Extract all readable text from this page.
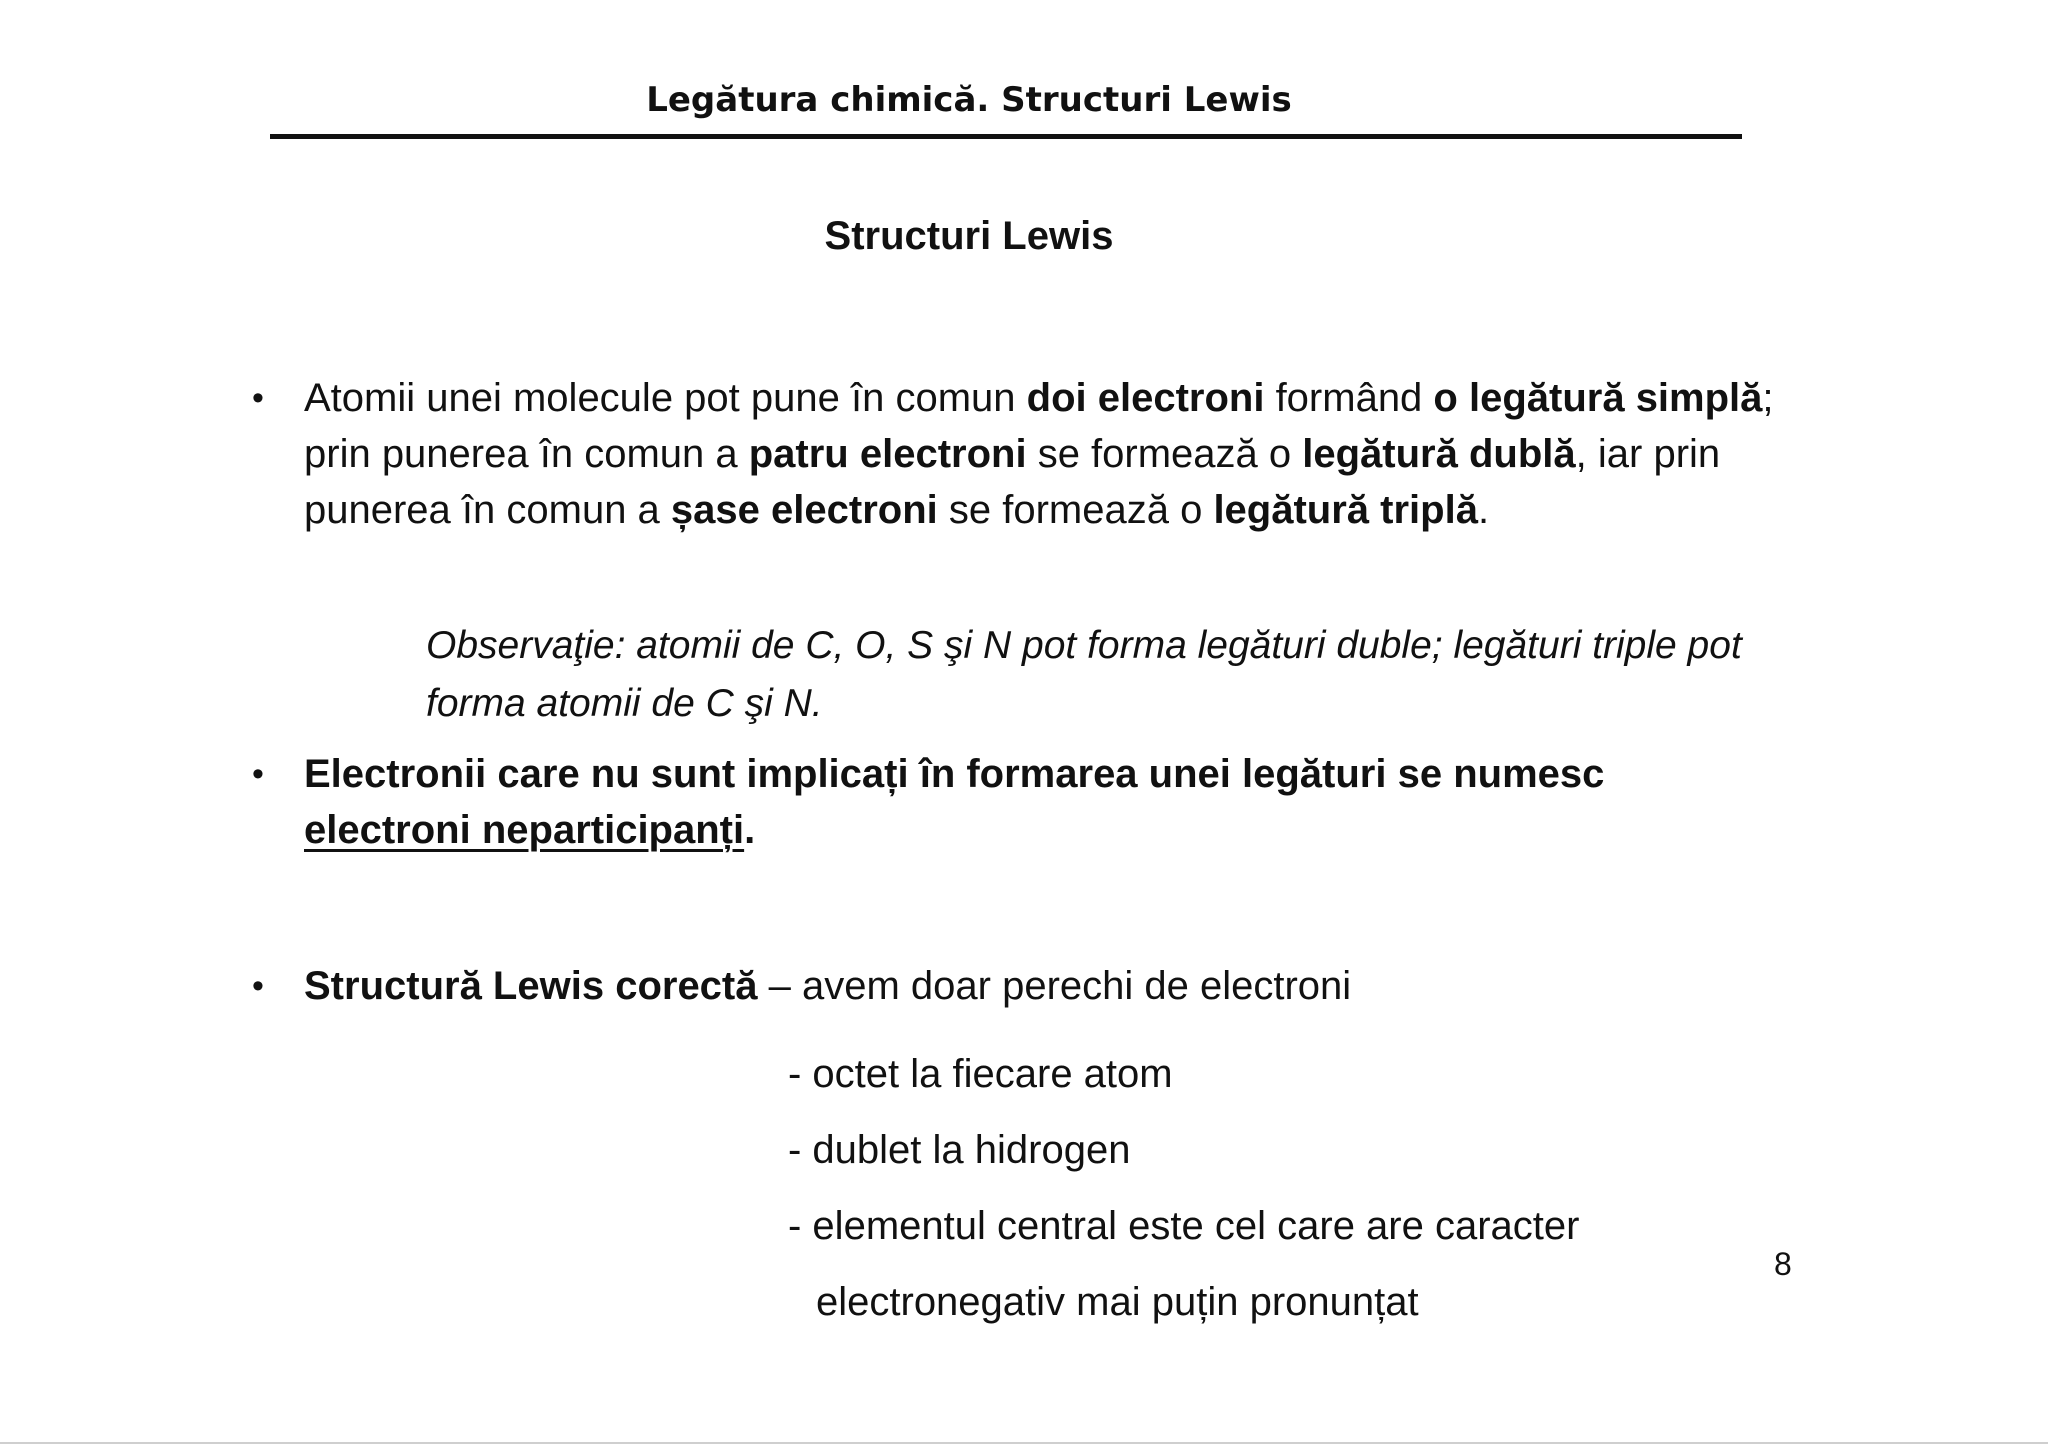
Legătura chimică. Structuri Lewis
Structuri Lewis
• Atomii unei molecule pot pune în comun doi electroni formând o legătură simplă; prin punerea în comun a patru electroni se formează o legătură dublă, iar prin punerea în comun a șase electroni se formează o legătură triplă.
Observaţie: atomii de C, O, S şi N pot forma legături duble; legături triple pot forma atomii de C şi N.
• Electronii care nu sunt implicați în formarea unei legături se numesc electroni neparticipanți.
• Structură Lewis corectă – avem doar perechi de electroni
- octet la fiecare atom
- dublet la hidrogen
- elementul central este cel care are caracter
electronegativ mai puțin pronunțat
8
